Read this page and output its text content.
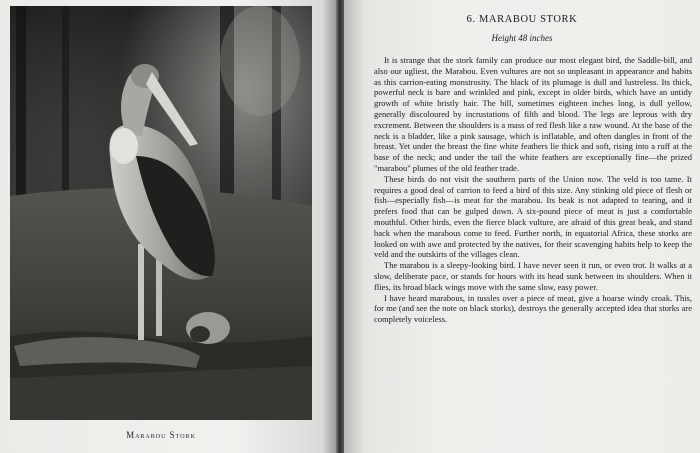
Marabou Stork
6. MARABOU STORK
Height 48 inches

It is strange that the stork family can produce our most elegant bird, the Saddle-bill, and also our ugliest, the Marabou. Even vultures are not so unpleasant in appearance and habits as this carrion-eating monstrosity. The black of its plumage is dull and lustreless. Its thick, powerful neck is bare and wrinkled and pink, except in older birds, which have an untidy growth of white bristly hair. The bill, sometimes eighteen inches long, is dull yellow, generally discoloured by incrustations of filth and blood. The legs are leprous with dry excrement. Between the shoulders is a mass of red flesh like a raw wound. At the base of the neck is a bladder, like a pink sausage, which is inflatable, and often dangles in front of the breast. Yet under the breast the fine white feathers lie thick and soft, rising into a ruff at the base of the neck; and under the tail the white feathers are exceptionally fine—the prized "marabou" plumes of the old feather trade.

These birds do not visit the southern parts of the Union now. The veld is too tame. It requires a good deal of carrion to feed a bird of this size. Any stinking old piece of flesh or fish—especially fish—is meat for the marabou. Its beak is not adapted to tearing, and it prefers food that can be gulped down. A six-pound piece of meat is just a comfortable mouthful. Other birds, even the fierce black vulture, are afraid of this great beak, and stand back when the marabous come to feed. Further north, in equatorial Africa, these storks are looked on with awe and protected by the natives, for their scavenging habits help to keep the veld and the outskirts of the villages clean.

The marabou is a sleepy-looking bird. I have never seen it run, or even trot. It walks at a slow, deliberate pace, or stands for hours with its head sunk between its shoulders. When it flies, its broad black wings move with the same slow, easy power.

I have heard marabous, in tussles over a piece of meat, give a hoarse windy croak. This, for me (and see the note on black storks), destroys the generally accepted idea that storks are completely voiceless.
